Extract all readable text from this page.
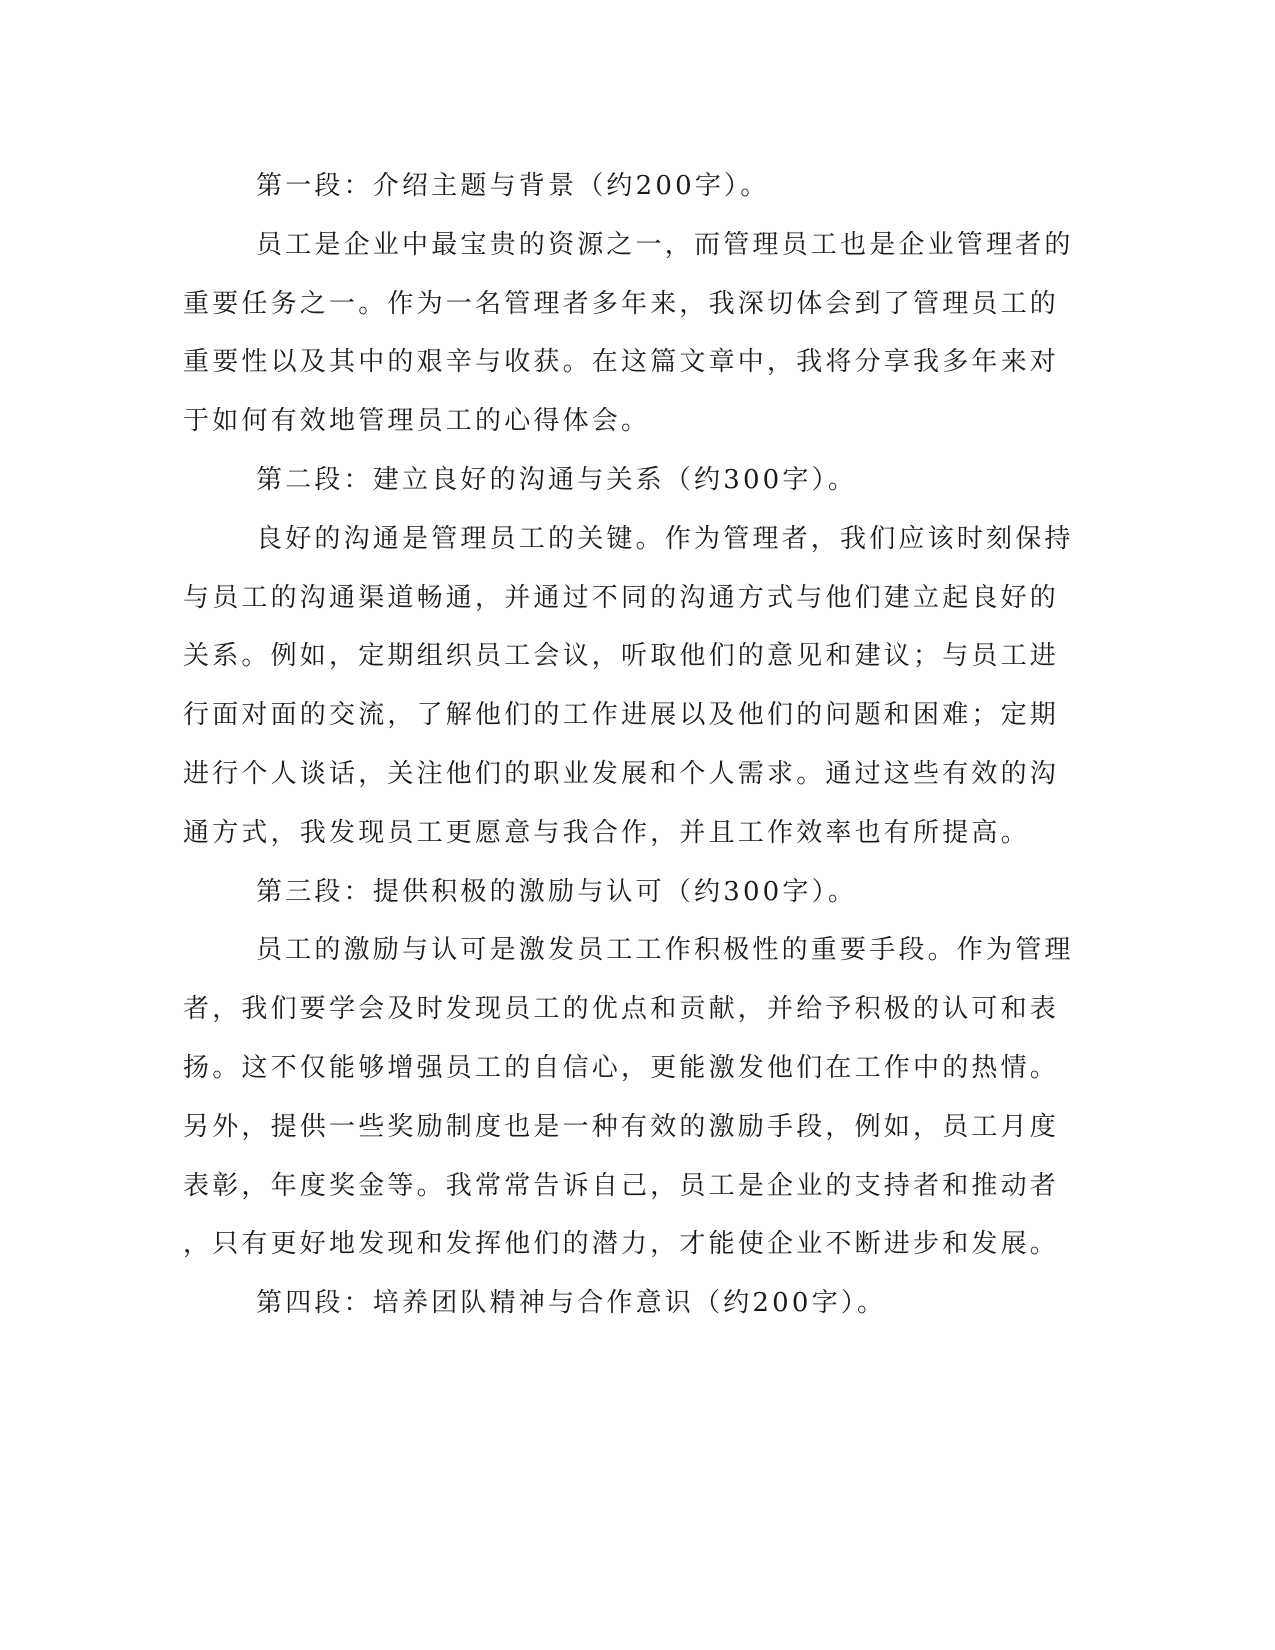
第一段：介绍主题与背景（约200字）。
员工是企业中最宝贵的资源之一，而管理员工也是企业管理者的
重要任务之一。作为一名管理者多年来，我深切体会到了管理员工的
重要性以及其中的艰辛与收获。在这篇文章中，我将分享我多年来对
于如何有效地管理员工的心得体会。
第二段：建立良好的沟通与关系（约300字）。
良好的沟通是管理员工的关键。作为管理者，我们应该时刻保持
与员工的沟通渠道畅通，并通过不同的沟通方式与他们建立起良好的
关系。例如，定期组织员工会议，听取他们的意见和建议；与员工进
行面对面的交流，了解他们的工作进展以及他们的问题和困难；定期
进行个人谈话，关注他们的职业发展和个人需求。通过这些有效的沟
通方式，我发现员工更愿意与我合作，并且工作效率也有所提高。
第三段：提供积极的激励与认可（约300字）。
员工的激励与认可是激发员工工作积极性的重要手段。作为管理
者，我们要学会及时发现员工的优点和贡献，并给予积极的认可和表
扬。这不仅能够增强员工的自信心，更能激发他们在工作中的热情。
另外，提供一些奖励制度也是一种有效的激励手段，例如，员工月度
表彰，年度奖金等。我常常告诉自己，员工是企业的支持者和推动者
，只有更好地发现和发挥他们的潜力，才能使企业不断进步和发展。
第四段：培养团队精神与合作意识（约200字）。
